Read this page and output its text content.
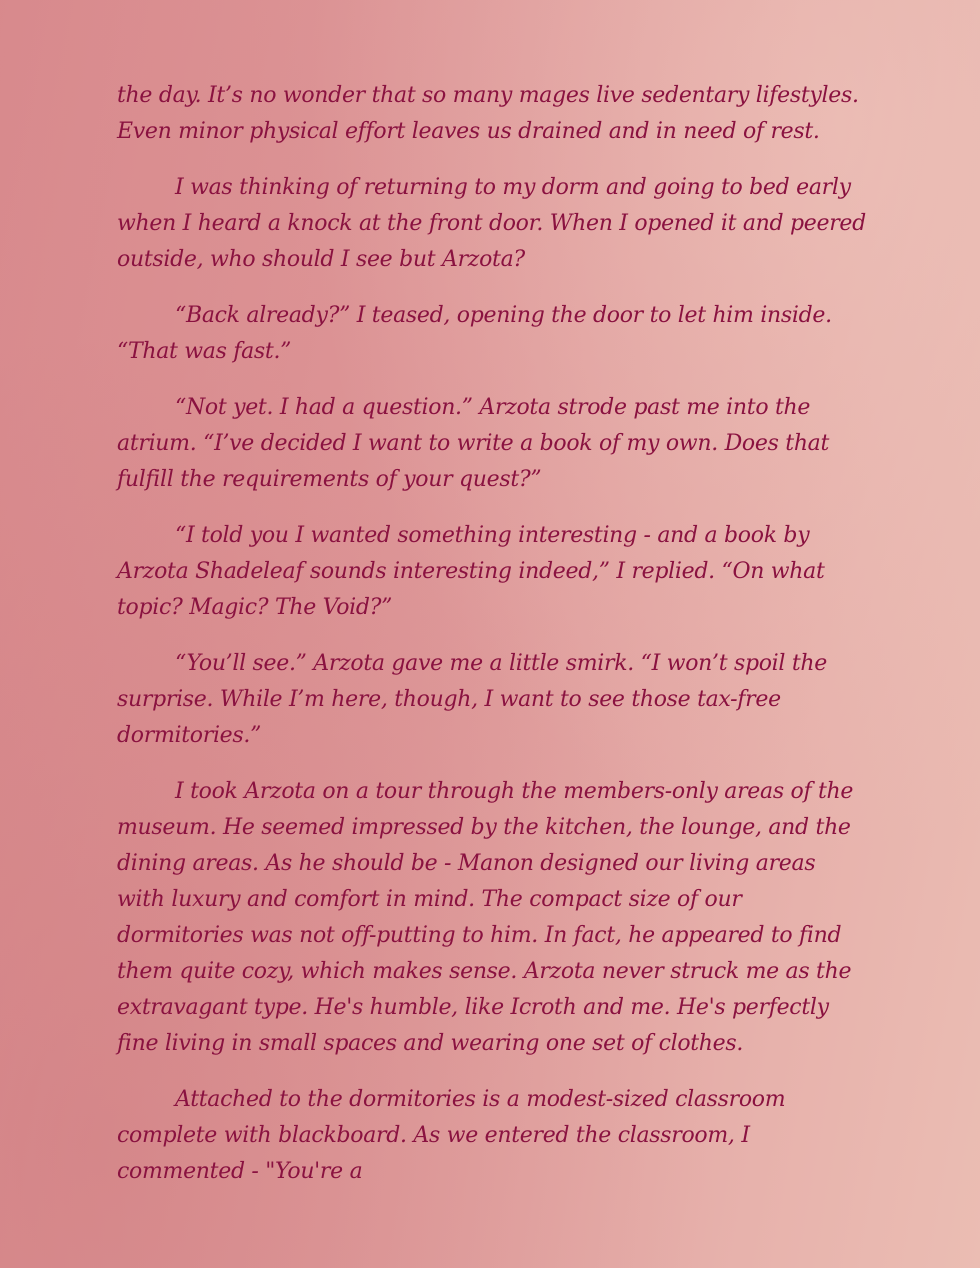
the day. It’s no wonder that so many mages live sedentary lifestyles. Even minor physical effort leaves us drained and in need of rest.

I was thinking of returning to my dorm and going to bed early when I heard a knock at the front door. When I opened it and peered outside, who should I see but Arzota?

“Back already?” I teased, opening the door to let him inside. “That was fast.”

“Not yet. I had a question.” Arzota strode past me into the atrium. “I’ve decided I want to write a book of my own. Does that fulfill the requirements of your quest?”

“I told you I wanted something interesting - and a book by Arzota Shadeleaf sounds interesting indeed,” I replied. “On what topic? Magic? The Void?”

“You’ll see.” Arzota gave me a little smirk. “I won’t spoil the surprise. While I’m here, though, I want to see those tax-free dormitories.”

I took Arzota on a tour through the members-only areas of the museum. He seemed impressed by the kitchen, the lounge, and the dining areas. As he should be - Manon designed our living areas with luxury and comfort in mind. The compact size of our dormitories was not off-putting to him. In fact, he appeared to find them quite cozy, which makes sense. Arzota never struck me as the extravagant type. He's humble, like Icroth and me. He's perfectly fine living in small spaces and wearing one set of clothes.

Attached to the dormitories is a modest-sized classroom complete with blackboard. As we entered the classroom, I commented - "You're a
